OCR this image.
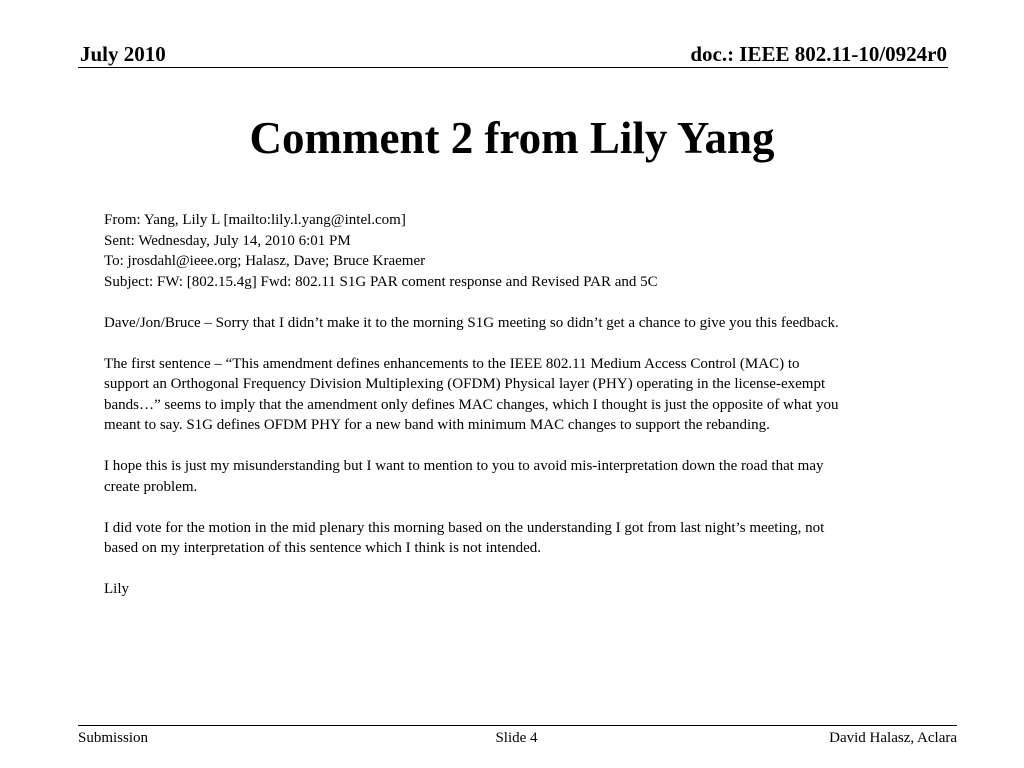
July 2010	doc.: IEEE 802.11-10/0924r0
Comment 2 from Lily Yang

From: Yang, Lily L [mailto:lily.l.yang@intel.com]

Sent: Wednesday, July 14, 2010 6:01 PM

To: jrosdahl@ieee.org; Halasz, Dave; Bruce Kraemer

Subject: FW: [802.15.4g] Fwd: 802.11 S1G PAR coment response and Revised PAR and 5C

Dave/Jon/Bruce – Sorry that I didn’t make it to the morning S1G meeting so didn’t get a chance to give you this feedback.

The first sentence – “This amendment defines enhancements to the IEEE 802.11 Medium Access Control (MAC) to

support an Orthogonal Frequency Division Multiplexing (OFDM) Physical layer (PHY) operating in the license-exempt

bands…” seems to imply that the amendment only defines MAC changes, which I thought is just the opposite of what you

meant to say. S1G defines OFDM PHY for a new band with minimum MAC changes to support the rebanding.

I hope this is just my misunderstanding but I want to mention to you to avoid mis-interpretation down the road that may

create problem.

I did vote for the motion in the mid plenary this morning based on the understanding I got from last night’s meeting, not

based on my interpretation of this sentence which I think is not intended.

Lily

Submission	Slide 4	David Halasz, Aclara
